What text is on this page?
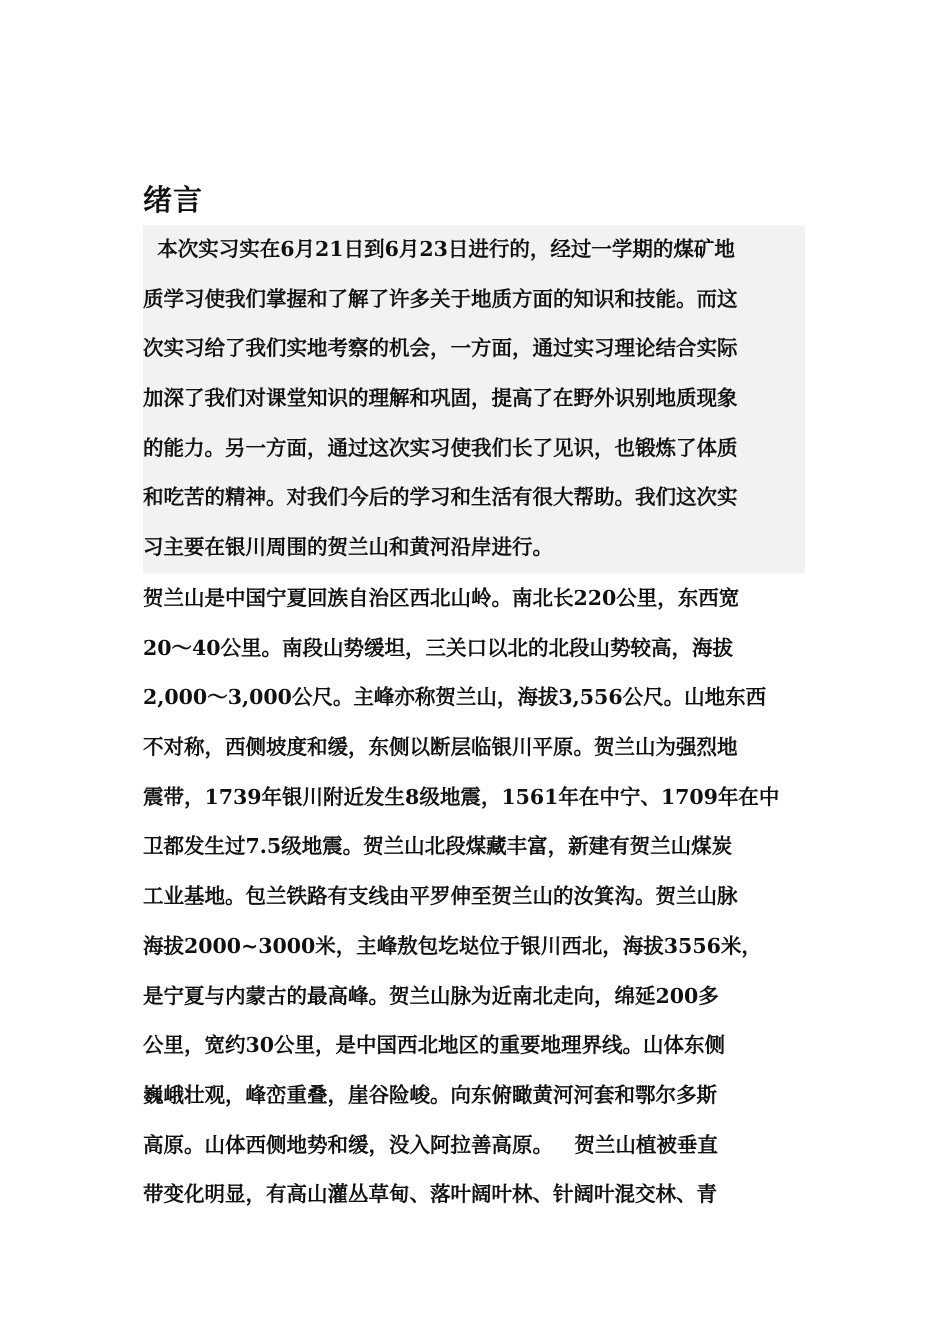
绪言
本次实习实在6月21日到6月23日进行的，经过一学期的煤矿地
质学习使我们掌握和了解了许多关于地质方面的知识和技能。而这
次实习给了我们实地考察的机会，一方面，通过实习理论结合实际
加深了我们对课堂知识的理解和巩固，提高了在野外识别地质现象
的能力。另一方面，通过这次实习使我们长了见识，也锻炼了体质
和吃苦的精神。对我们今后的学习和生活有很大帮助。我们这次实
习主要在银川周围的贺兰山和黄河沿岸进行。
贺兰山是中国宁夏回族自治区西北山岭。南北长220公里，东西宽
20～40公里。南段山势缓坦，三关口以北的北段山势较高，海拔
2,000～3,000公尺。主峰亦称贺兰山，海拔3,556公尺。山地东西
不对称，西侧坡度和缓，东侧以断层临银川平原。贺兰山为强烈地
震带，1739年银川附近发生8级地震，1561年在中宁、1709年在中
卫都发生过7.5级地震。贺兰山北段煤藏丰富，新建有贺兰山煤炭
工业基地。包兰铁路有支线由平罗伸至贺兰山的汝箕沟。贺兰山脉
海拔2000~3000米，主峰敖包圪垯位于银川西北，海拔3556米，
是宁夏与内蒙古的最高峰。贺兰山脉为近南北走向，绵延200多
公里，宽约30公里，是中国西北地区的重要地理界线。山体东侧
巍峨壮观，峰峦重叠，崖谷险峻。向东俯瞰黄河河套和鄂尔多斯
高原。山体西侧地势和缓，没入阿拉善高原。   贺兰山植被垂直
带变化明显，有高山灌丛草甸、落叶阔叶林、针阔叶混交林、青
